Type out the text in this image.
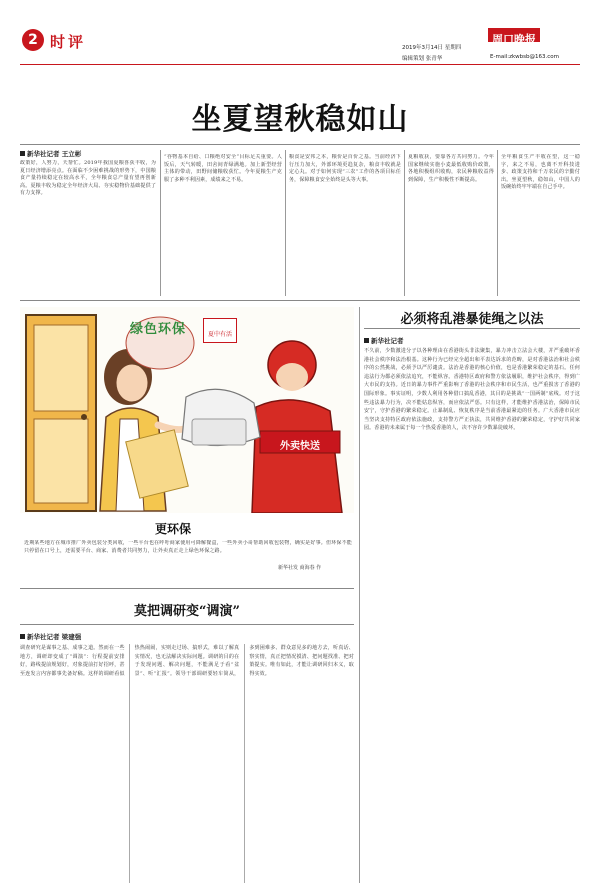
2 时评	周口晚报
2019年3月14日 星期四
编辑策划 张青华	E-mail:zkwbsb@163.com
坐夏望秋稳如山
新华社记者 王立彬
政策好，人努力，天帮忙。2019年我国夏粮喜获丰收，为夏日经济增添亮点。在面临不少困难挑战的形势下，中国粮食产量持续稳定在较高水平，全年粮食总产量有望再创新高。夏粮丰收为稳定全年经济大局、夯实稳物价基础提供了有力支撑。
“谷物基本自给、口粮绝对安全”目标足关重要。人饭后，天气转暖，田舍间青绿满地。加上新型经营主体的带动，田野间储粮收获忙。今年夏粮生产克服了多种不利因素，成绩来之不易。
粮食是安邦之本，粮价是百价之基。当前经济下行压力加大，外部环境更趋复杂，粮食丰收就是定心丸。对于如何实现“三农”工作的各项目标任务，保障粮食安全始终是头等大事。
夏粮收获，要靠各方共同努力。今年国家继续实施小麦最低收购价政策，各地积极组织收购，农民种粮收益得到保障，生产积极性不断提高。
全年粮食生产丰收在望，这一稳字，来之不易，也离不开科技进步、政策支持和千万农民的辛勤付出。坐夏望秋，稳如山，中国人的饭碗始终牢牢端在自己手中。
绿色环保	夏中有活
外卖快送
更环保
近期某些地方在城市推广外卖包装分类回收，一些平台也在呼吁商家使用可降解餐盒，一些外卖小哥帮助回收包装物，确实是好事。但环保不能只停留在口号上，还需要平台、商家、消费者共同努力，让外卖真正走上绿色环保之路。
新华社发 商海春 作
必须将乱港暴徒绳之以法
新华社记者
不久前，少数激进分子以各种理由在香港街头非法聚集，暴力冲击立法会大楼，并严重破坏香港社会秩序和法治根基。这种行为已经完全超出和平表达诉求的范畴，是对香港法治和社会秩序的公然挑战，必须予以严厉谴责。法治是香港的核心价值，也是香港繁荣稳定的基石。任何违法行为都必须依法追究，不能纵容。香港特区政府和警方依法履职，维护社会秩序，得到广大市民的支持。近日的暴力事件严重影响了香港的社会秩序和市民生活，也严重损害了香港的国际形象。事实证明，少数人利用各种借口搞乱香港，其目的是挑战“一国两制”底线。对于这些违法暴力行为，决不能姑息纵容，而应依法严惩。只有这样，才能维护香港法治，保障市民安宁，守护香港的繁荣稳定。止暴制乱、恢复秩序是当前香港最紧迫的任务。广大香港市民应当坚决支持特区政府依法施政，支持警方严正执法，共同维护香港的繁荣稳定，守护好共同家园。香港的未来属于每一个热爱香港的人，决不容许少数暴徒破坏。
莫把调研变“调演”
新华社记者 梁建强
调查研究是谋事之基、成事之道。然而在一些地方，调研却变成了“调演”：行程提前安排好，路线提前规划好，对象提前打好招呼，甚至连发言内容都事先备好稿。这样的调研看似热热闹闹，实则走过场、搞形式，难以了解真实情况，也无法解决实际问题。调研的目的在于发现问题、解决问题，不能满足于看“盆景”、听“汇报”。领导干部调研要轻车简从，多到困难多、群众意见多的地方去，听真话、察实情，真正把情况摸清、把问题找准、把对策提实。唯有如此，才能让调研回归本义，取得实效。
